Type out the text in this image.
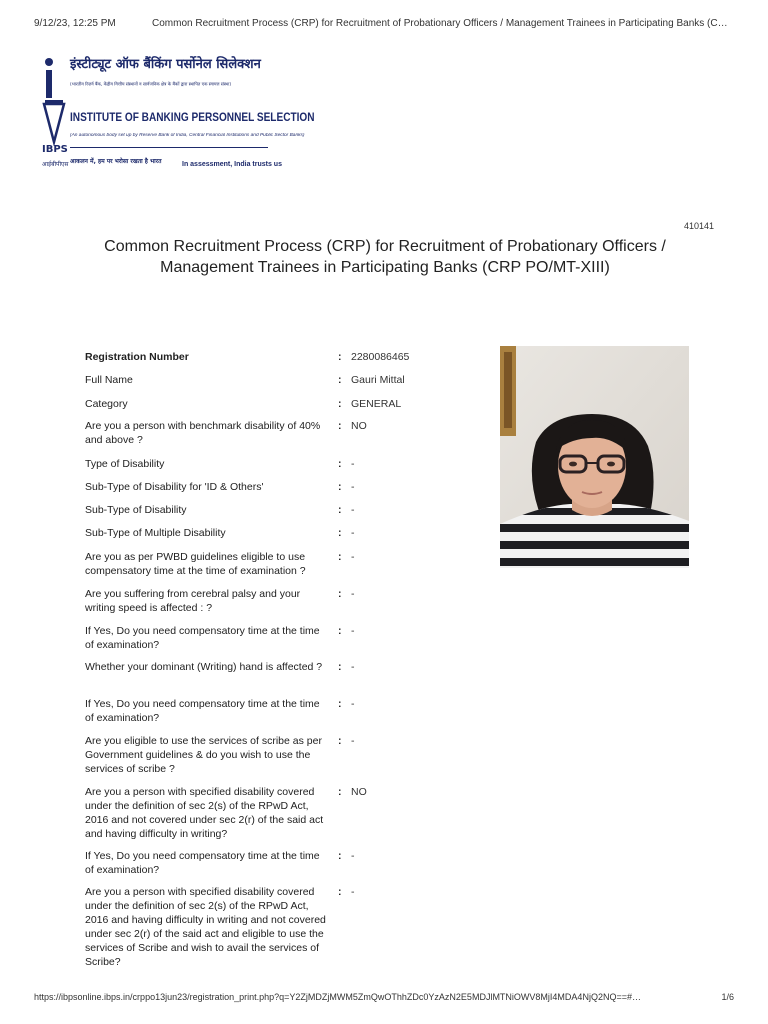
9/12/23, 12:25 PM	Common Recruitment Process (CRP) for Recruitment of Probationary Officers / Management Trainees in Participating Banks (C…
IBPS
आईबीपीएस
इंस्टीट्यूट ऑफ बैंकिंग पर्सोनेल सिलेक्शन
(भारतीय रिज़र्व बैंक, केंद्रीय वित्तीय संस्थानों व सार्वजनिक क्षेत्र के बैंकों द्वारा स्थापित एक स्वायत्त संस्था)
INSTITUTE OF BANKING PERSONNEL SELECTION
(An autonomous body set up by Reserve Bank of India, Central Financial Institutions and Public Sector Banks)
आकलन में, हम पर भरोसा रखता है भारत	In assessment, India trusts us
410141
Common Recruitment Process (CRP) for Recruitment of Probationary Officers / Management Trainees in Participating Banks (CRP PO/MT-XIII)
Registration Number	: 2280086465
Full Name	: Gauri Mittal
Category	: GENERAL
Are you a person with benchmark disability of 40% and above ?
: NO
Type of Disability	: -
Sub-Type of Disability for 'ID & Others'	: -
Sub-Type of Disability	: -
Sub-Type of Multiple Disability	: -
Are you as per PWBD guidelines eligible to use compensatory time at the time of examination ?
: -
Are you suffering from cerebral palsy and your writing speed is affected : ?
: -
If Yes, Do you need compensatory time at the time of examination?
: -
Whether your dominant (Writing) hand is affected ?	: -
If Yes, Do you need compensatory time at the time of examination?
: -
Are you eligible to use the services of scribe as per Government guidelines & do you wish to use the services of scribe ?
: -
Are you a person with specified disability covered under the definition of sec 2(s) of the RPwD Act, 2016 and not covered under sec 2(r) of the said act and having difficulty in writing?
: NO
If Yes, Do you need compensatory time at the time of examination?
: -
Are you a person with specified disability covered under the definition of sec 2(s) of the RPwD Act, 2016 and having difficulty in writing and not covered under sec 2(r) of the said act and eligible to use the services of Scribe and wish to avail the services of Scribe?
: -
https://ibpsonline.ibps.in/crppo13jun23/registration_print.php?q=Y2ZjMDZjMWM5ZmQwOThhZDc0YzAzN2E5MDJlMTNiOWV8MjI4MDA4NjQ2NQ==#…	1/6
